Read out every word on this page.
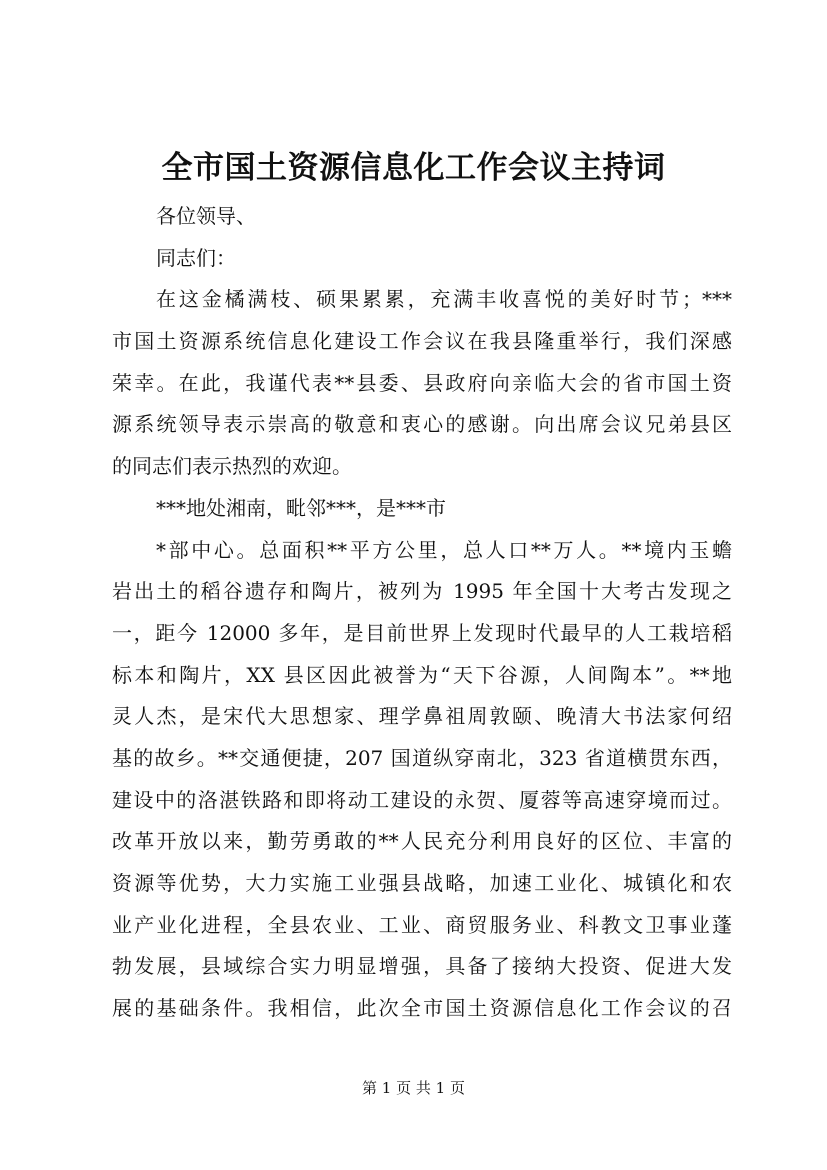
全市国土资源信息化工作会议主持词
各位领导、
同志们：
在这金橘满枝、硕果累累，充满丰收喜悦的美好时节；***
市国土资源系统信息化建设工作会议在我县隆重举行，我们深感
荣幸。在此，我谨代表**县委、县政府向亲临大会的省市国土资
源系统领导表示崇高的敬意和衷心的感谢。向出席会议兄弟县区
的同志们表示热烈的欢迎。
***地处湘南，毗邻***，是***市
*部中心。总面积**平方公里，总人口**万人。**境内玉蟾
岩出土的稻谷遗存和陶片，被列为 1995 年全国十大考古发现之
一，距今 12000 多年，是目前世界上发现时代最早的人工栽培稻
标本和陶片，XX 县区因此被誉为“天下谷源，人间陶本”。**地
灵人杰，是宋代大思想家、理学鼻祖周敦颐、晚清大书法家何绍
基的故乡。**交通便捷，207 国道纵穿南北，323 省道横贯东西，
建设中的洛湛铁路和即将动工建设的永贺、厦蓉等高速穿境而过。
改革开放以来，勤劳勇敢的**人民充分利用良好的区位、丰富的
资源等优势，大力实施工业强县战略，加速工业化、城镇化和农
业产业化进程，全县农业、工业、商贸服务业、科教文卫事业蓬
勃发展，县域综合实力明显增强，具备了接纳大投资、促进大发
展的基础条件。我相信，此次全市国土资源信息化工作会议的召
第 1 页 共 1 页
